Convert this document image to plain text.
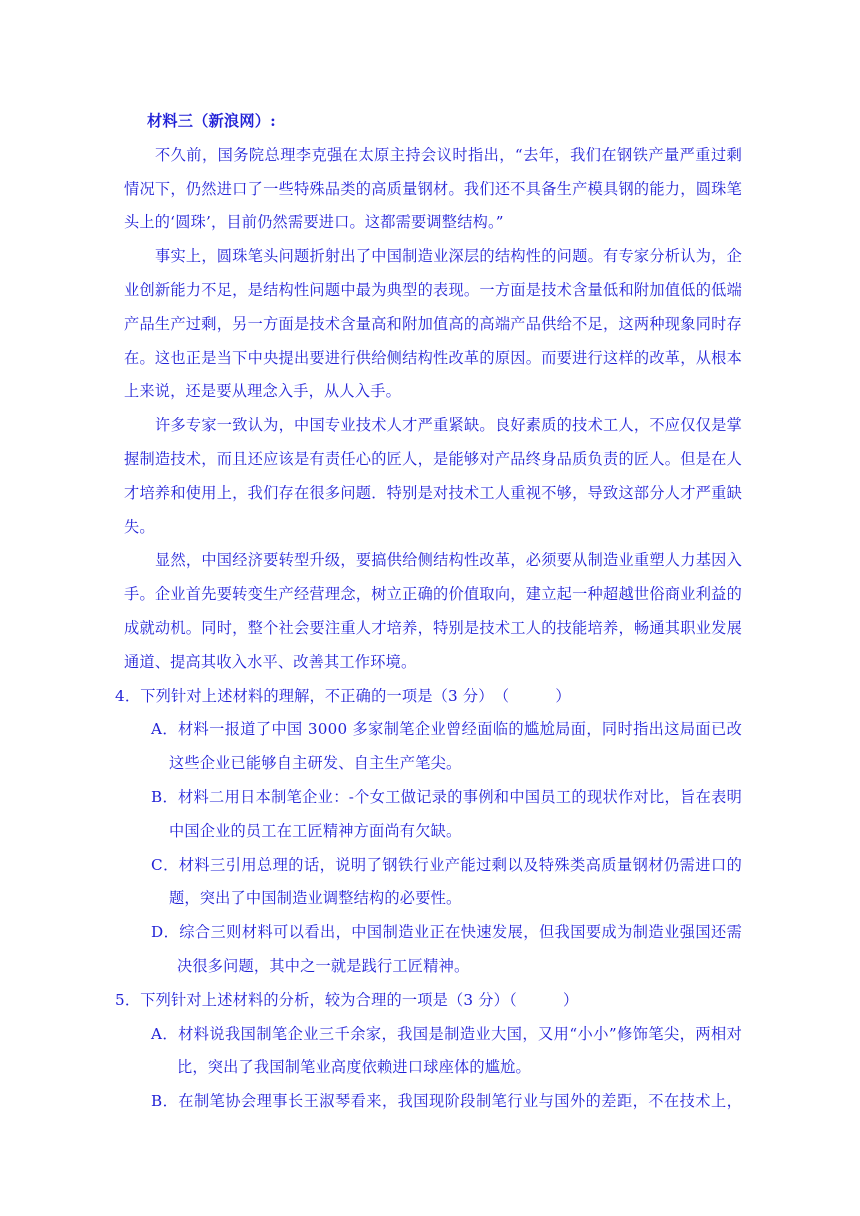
材料三（新浪网）:
不久前，国务院总理李克强在太原主持会议时指出，“去年，我们在钢铁产量严重过剩
情况下，仍然进口了一些特殊品类的高质量钢材。我们还不具备生产模具钢的能力，圆珠笔
头上的‘圆珠’，目前仍然需要进口。这都需要调整结构。”
事实上，圆珠笔头问题折射出了中国制造业深层的结构性的问题。有专家分析认为，企
业创新能力不足，是结构性问题中最为典型的表现。一方面是技术含量低和附加值低的低端
产品生产过剩，另一方面是技术含量高和附加值高的高端产品供给不足，这两种现象同时存
在。这也正是当下中央提出要进行供给侧结构性改革的原因。而要进行这样的改革，从根本
上来说，还是要从理念入手，从人入手。
许多专家一致认为，中国专业技术人才严重紧缺。良好素质的技术工人，不应仅仅是掌
握制造技术，而且还应该是有责任心的匠人，是能够对产品终身品质负责的匠人。但是在人
才培养和使用上，我们存在很多问题．特别是对技术工人重视不够，导致这部分人才严重缺
失。
显然，中国经济要转型升级，要搞供给侧结构性改革，必须要从制造业重塑人力基因入
手。企业首先要转变生产经营理念，树立正确的价值取向，建立起一种超越世俗商业利益的
成就动机。同时，整个社会要注重人才培养，特别是技术工人的技能培养，畅通其职业发展
通道、提高其收入水平、改善其工作环境。
4．下列针对上述材料的理解，不正确的一项是（3 分）　（　　　）
A．材料一报道了中国 3000 多家制笔企业曾经面临的尴尬局面，同时指出这局面已改
这些企业已能够自主研发、自主生产笔尖。
B．材料二用日本制笔企业：-个女工做记录的事例和中国员工的现状作对比，旨在表明
中国企业的员工在工匠精神方面尚有欠缺。
C．材料三引用总理的话，说明了钢铁行业产能过剩以及特殊类高质量钢材仍需进口的
题，突出了中国制造业调整结构的必要性。
D．综合三则材料可以看出，中国制造业正在快速发展，但我国要成为制造业强国还需
决很多问题，其中之一就是践行工匠精神。
5．下列针对上述材料的分析，较为合理的一项是（3 分）（　　　）
A．材料说我国制笔企业三千余家，我国是制造业大国，又用“小小”修饰笔尖，两相对
比，突出了我国制笔业高度依赖进口球座体的尴尬。
B．在制笔协会理事长王淑琴看来，我国现阶段制笔行业与国外的差距，不在技术上，
